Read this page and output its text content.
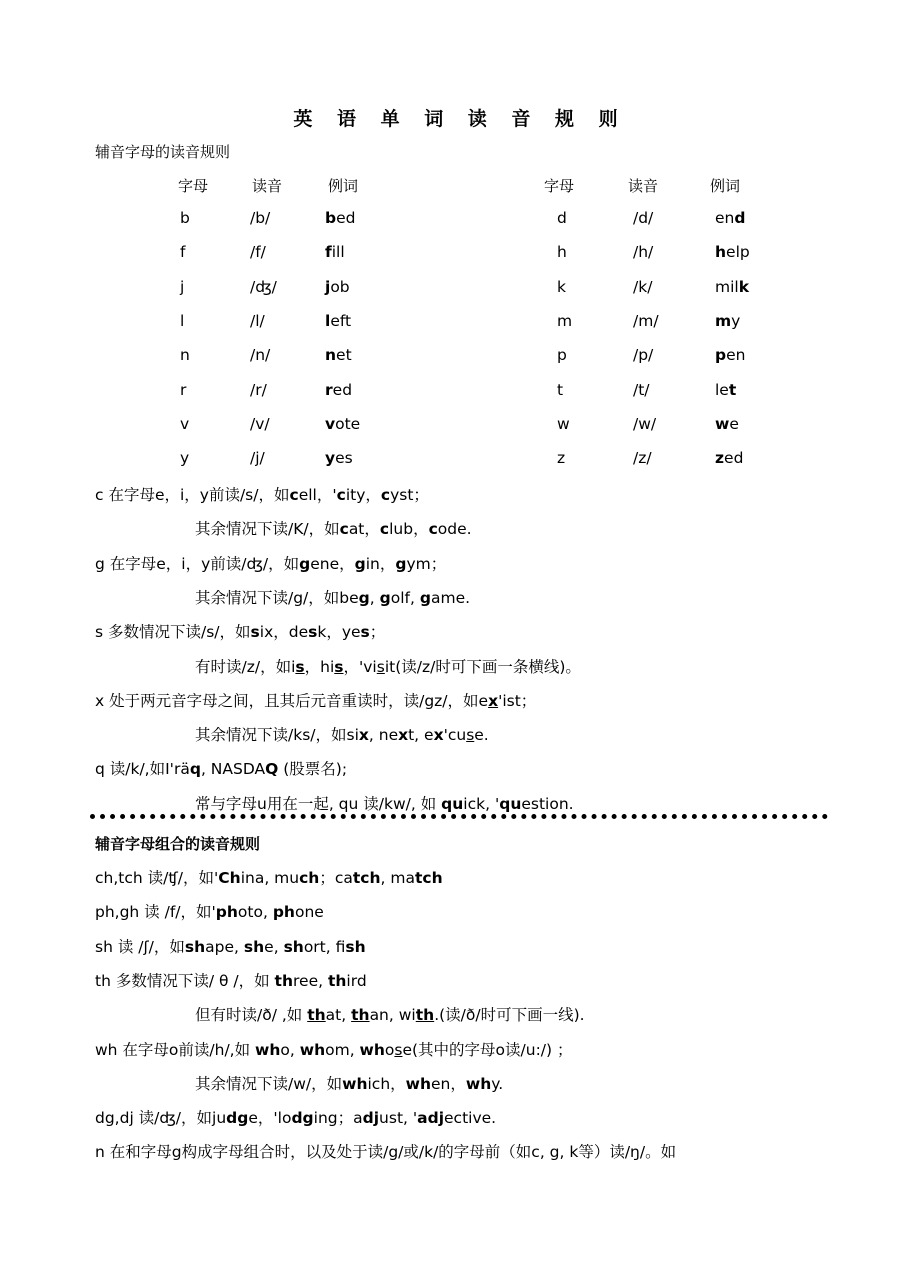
英 语 单 词 读 音 规 则
辅音字母的读音规则
字母	读音	例词	字母	读音	例词
b	/b/	bed	d	/d/	end
f	/f/	fill	h	/h/	help
j	/ʤ/	job	k	/k/	milk
l	/l/	left	m	/m/	my
n	/n/	net	p	/p/	pen
r	/r/	red	t	/t/	let
v	/v/	vote	w	/w/	we
y	/j/	yes	z	/z/	zed
c 在字母e，i，y前读/s/，如cell，'city，cyst；
其余情况下读/K/，如cat，club，code.
g 在字母e，i，y前读/ʤ/，如gene，gin，gym；
其余情况下读/g/，如beg, golf, game.
s 多数情况下读/s/，如six，desk，yes；
有时读/z/，如is，his，'visit(读/z/时可下画一条横线)。
x 处于两元音字母之间，且其后元音重读时，读/gz/，如ex'ist；
其余情况下读/ks/，如six, next, ex'cuse.
q 读/k/,如I'räq, NASDAQ (股票名);
常与字母u用在一起, qu 读/kw/, 如 quick, 'question.
辅音字母组合的读音规则
ch,tch 读/ʧ/，如'China, much；catch, match
ph,gh 读 /f/，如'photo, phone
sh 读 /ʃ/，如shape, she, short, fish
th 多数情况下读/ θ /，如 three, third
但有时读/ð/ ,如 that, than, with.(读/ð/时可下画一线).
wh 在字母o前读/h/,如 who, whom, whose(其中的字母o读/u:/) ；
其余情况下读/w/，如which，when，why.
dg,dj 读/ʤ/，如judge，'lodging；adjust, 'adjective.
n 在和字母g构成字母组合时，以及处于读/g/或/k/的字母前（如c, g, k等）读/ŋ/。如
